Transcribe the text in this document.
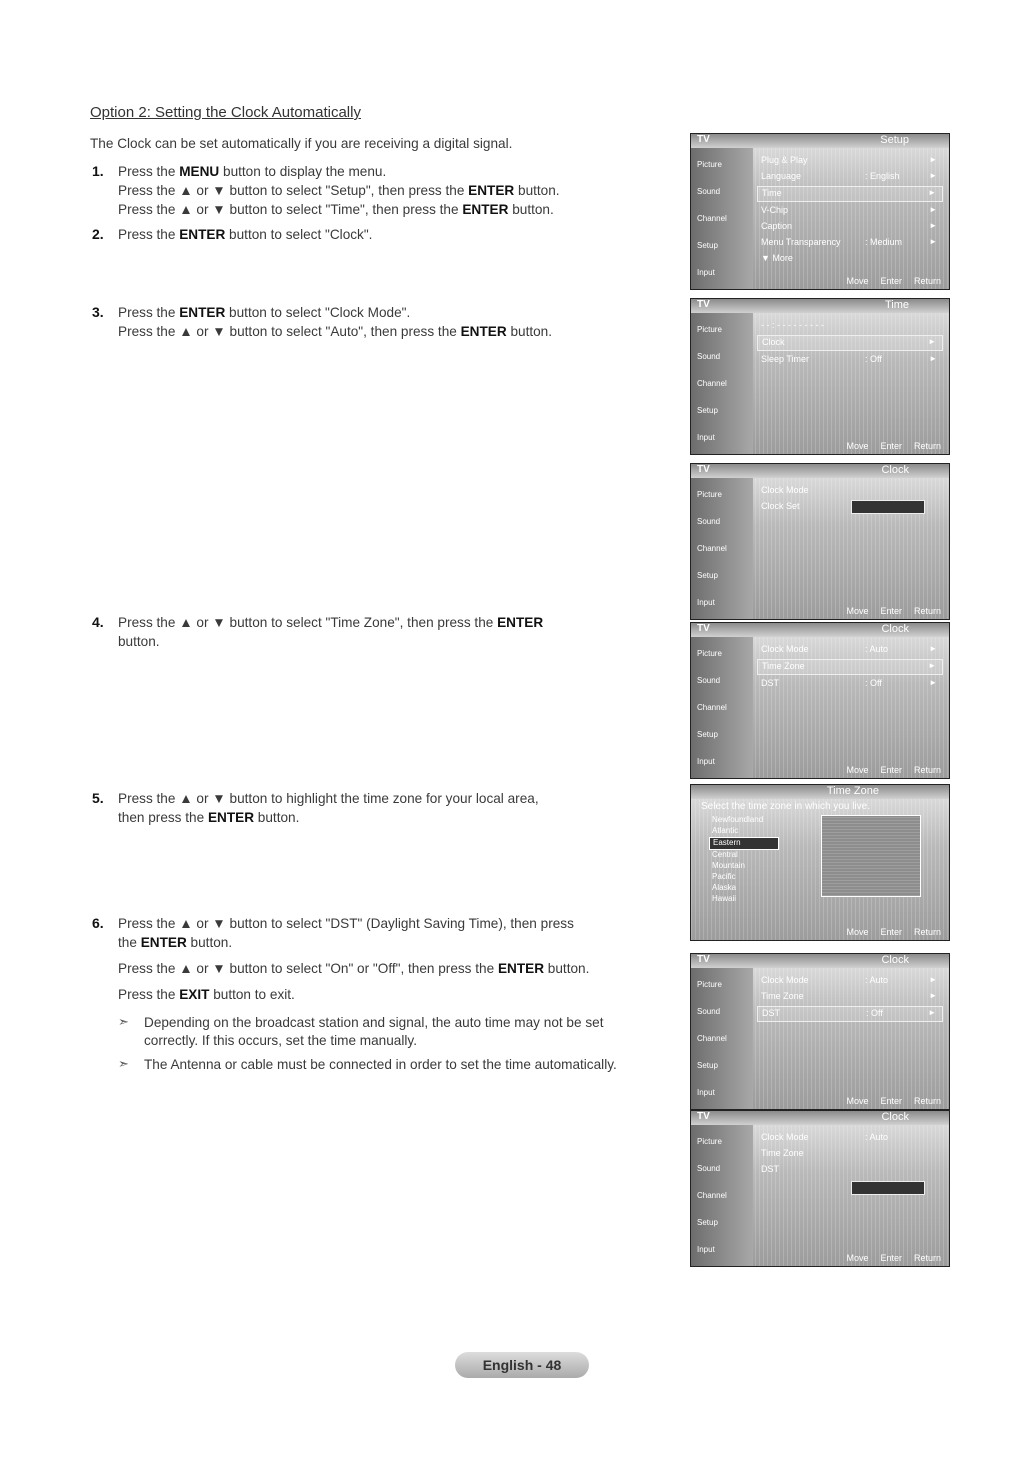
Option 2: Setting the Clock Automatically
The Clock can be set automatically if you are receiving a digital signal.
1. Press the MENU button to display the menu.
Press the ▲ or ▼ button to select "Setup", then press the ENTER button.
Press the ▲ or ▼ button to select "Time", then press the ENTER button.
2. Press the ENTER button to select "Clock".
3. Press the ENTER button to select "Clock Mode".
Press the ▲ or ▼ button to select "Auto", then press the ENTER button.
4. Press the ▲ or ▼ button to select "Time Zone", then press the ENTER
button.
5. Press the ▲ or ▼ button to highlight the time zone for your local area,
then press the ENTER button.
6. Press the ▲ or ▼ button to select "DST" (Daylight Saving Time), then press
the ENTER button.
Press the ▲ or ▼ button to select "On" or "Off", then press the ENTER button.
Press the EXIT button to exit.
➣ Depending on the broadcast station and signal, the auto time may not be set correctly. If this occurs, set the time manually.
➣ The Antenna or cable must be connected in order to set the time automatically.
TV	Setup
Picture
Sound
Channel
Setup
Input
Plug & Play	►
Language	: English	►
Time	►
V-Chip	►
Caption	►
Menu Transparency	: Medium	►
▼ More
Move Enter Return
TV	Time
Picture
Sound
Channel
Setup
Input
- - : - - - - - - - - -
Clock	►
Sleep Timer	: Off	►
Move Enter Return
TV	Clock
Picture
Sound
Channel
Setup
Input
Clock Mode
Clock Set
Move Enter Return
TV	Clock
Picture
Sound
Channel
Setup
Input
Clock Mode	: Auto	►
Time Zone	►
DST	: Off	►
Move Enter Return
Time Zone
Select the time zone in which you live.
Newfoundland
Atlantic
Eastern
Central
Mountain
Pacific
Alaska
Hawaii
Move Enter Return
TV	Clock
Picture
Sound
Channel
Setup
Input
Clock Mode	: Auto	►
Time Zone	►
DST	: Off	►
Move Enter Return
TV	Clock
Picture
Sound
Channel
Setup
Input
Clock Mode	: Auto
Time Zone
DST
Move Enter Return
English - 48
